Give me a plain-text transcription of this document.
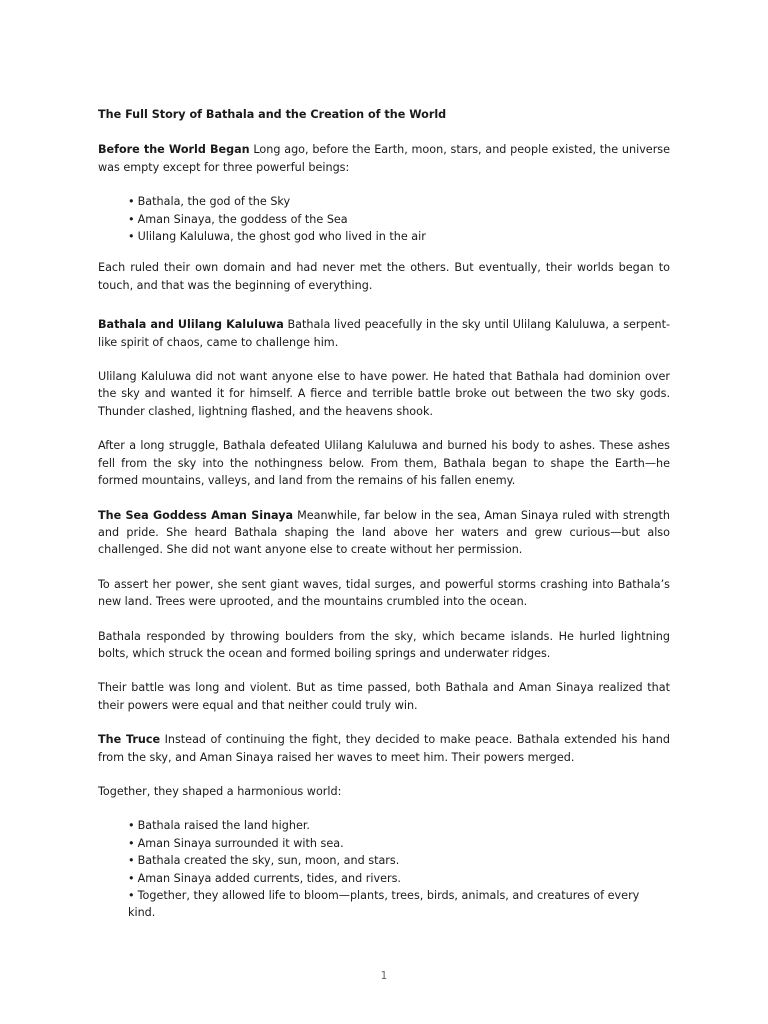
The Full Story of Bathala and the Creation of the World

Before the World Began Long ago, before the Earth, moon, stars, and people existed, the universe was empty except for three powerful beings:

• Bathala, the god of the Sky
• Aman Sinaya, the goddess of the Sea
• Ulilang Kaluluwa, the ghost god who lived in the air

Each ruled their own domain and had never met the others. But eventually, their worlds began to touch, and that was the beginning of everything.

Bathala and Ulilang Kaluluwa Bathala lived peacefully in the sky until Ulilang Kaluluwa, a serpent-like spirit of chaos, came to challenge him.

Ulilang Kaluluwa did not want anyone else to have power. He hated that Bathala had dominion over the sky and wanted it for himself. A fierce and terrible battle broke out between the two sky gods. Thunder clashed, lightning flashed, and the heavens shook.

After a long struggle, Bathala defeated Ulilang Kaluluwa and burned his body to ashes. These ashes fell from the sky into the nothingness below. From them, Bathala began to shape the Earth—he formed mountains, valleys, and land from the remains of his fallen enemy.

The Sea Goddess Aman Sinaya Meanwhile, far below in the sea, Aman Sinaya ruled with strength and pride. She heard Bathala shaping the land above her waters and grew curious—but also challenged. She did not want anyone else to create without her permission.

To assert her power, she sent giant waves, tidal surges, and powerful storms crashing into Bathala’s new land. Trees were uprooted, and the mountains crumbled into the ocean.

Bathala responded by throwing boulders from the sky, which became islands. He hurled lightning bolts, which struck the ocean and formed boiling springs and underwater ridges.

Their battle was long and violent. But as time passed, both Bathala and Aman Sinaya realized that their powers were equal and that neither could truly win.

The Truce Instead of continuing the fight, they decided to make peace. Bathala extended his hand from the sky, and Aman Sinaya raised her waves to meet him. Their powers merged.

Together, they shaped a harmonious world:

• Bathala raised the land higher.
• Aman Sinaya surrounded it with sea.
• Bathala created the sky, sun, moon, and stars.
• Aman Sinaya added currents, tides, and rivers.
• Together, they allowed life to bloom—plants, trees, birds, animals, and creatures of every kind.
1
